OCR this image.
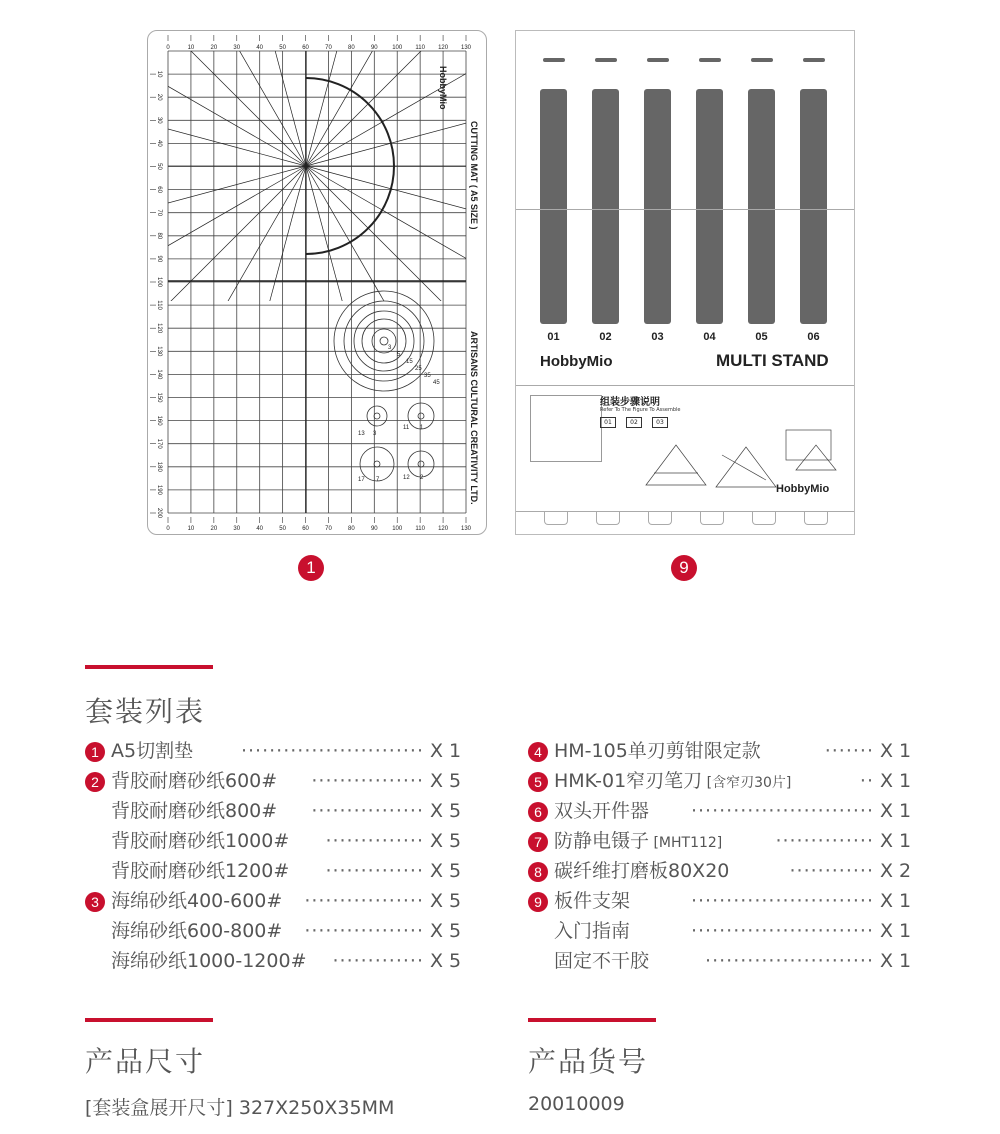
0
0
10
10
20
20
30
30
40
40
50
50
60
60
70
70
80
80
90
90
100
100
110
110
120
120
130
130
10
20
30
40
50
60
70
80
90
100
110
120
130
140
150
160
170
180
190
200
3
5
15
25
35
45
1
11
3
13
2
12
7
17
HobbyMio
CUTTING MAT ( A5 SIZE )
ARTISANS CULTURAL CREATIVITY LTD.
1
01	02	03	04	05	06
HobbyMio	MULTI STAND
组装步骤说明
Refer To The Figure To Assemble
01	02	03
HobbyMio
9
套装列表
1 A5切割垫	·························· X 1
2 背胶耐磨砂纸600# ················ X 5
背胶耐磨砂纸800# ················ X 5
背胶耐磨砂纸1000# ·············· X 5
背胶耐磨砂纸1200# ·············· X 5
3 海绵砂纸400-600# ················· X 5
海绵砂纸600-800# ················· X 5
海绵砂纸1000-1200# ············· X 5
4 HM-105单刃剪钳限定款	······· X 1
5 HMK-01窄刃笔刀 [含窄刃30片]	·· X 1
6 双头开件器 ·························· X 1
7 防静电镊子 [MHT112]	·············· X 1
8 碳纤维打磨板80X20	············ X 2
9 板件支架	·························· X 1
入门指南	·························· X 1
固定不干胶	························ X 1
产品尺寸
[套装盒展开尺寸] 327X250X35MM
产品货号
20010009
